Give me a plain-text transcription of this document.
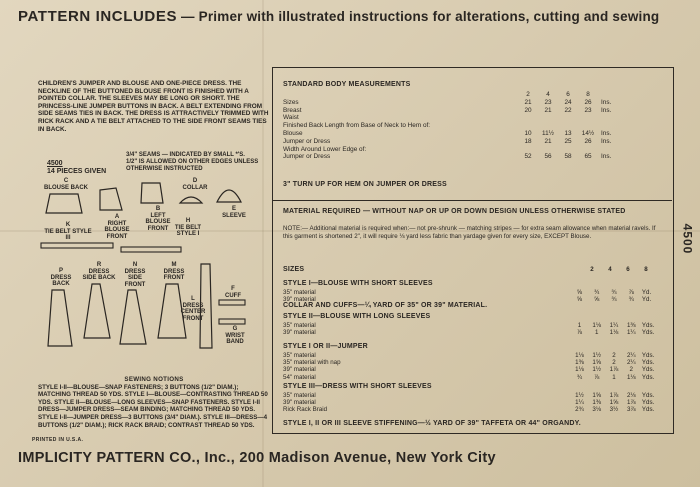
PATTERN INCLUDES — Primer with illustrated instructions for alterations, cutting and sewing
CHILDREN'S JUMPER AND BLOUSE AND ONE-PIECE DRESS. THE NECKLINE OF THE BUTTONED BLOUSE FRONT IS FINISHED WITH A POINTED COLLAR. THE SLEEVES MAY BE LONG OR SHORT. THE PRINCESS-LINE JUMPER BUTTONS IN BACK. A BELT EXTENDING FROM SIDE SEAMS TIES IN BACK. THE DRESS IS ATTRACTIVELY TRIMMED WITH RICK RACK AND A TIE BELT ATTACHED TO THE SIDE FRONT SEAMS TIES IN BACK.
4500
14 PIECES GIVEN
3/4" SEAMS — INDICATED BY SMALL *'S.
1/2" IS ALLOWED ON OTHER EDGES UNLESS OTHERWISE INSTRUCTED
C
BLOUSE BACK
K
TIE BELT STYLE III
A
RIGHT BLOUSE FRONT
B
LEFT BLOUSE FRONT
D
COLLAR
H
TIE BELT STYLE I
E
SLEEVE
P
DRESS BACK
R
DRESS SIDE BACK
N
DRESS SIDE FRONT
M
DRESS FRONT
L
DRESS CENTER FRONT
F
CUFF
G
WRIST BAND
SEWING NOTIONS
STYLE I-II—BLOUSE—SNAP FASTENERS; 3 BUTTONS (1/2" DIAM.); MATCHING THREAD 50 YDS. STYLE I—BLOUSE—CONTRASTING THREAD 50 YDS. STYLE II—BLOUSE—LONG SLEEVES—SNAP FASTENERS. STYLE I-II DRESS—JUMPER DRESS—SEAM BINDING; MATCHING THREAD 50 YDS. STYLE I-II—JUMPER DRESS—3 BUTTONS (3/4" DIAM.). STYLE III—DRESS—4 BUTTONS (1/2" DIAM.); RICK RACK BRAID; CONTRAST THREAD 50 YDS.
PRINTED IN U.S.A.
STANDARD BODY MEASUREMENTS
2	4	6	8
Sizes	21	23	24	26	Ins.
Breast	20	21	22	23	Ins.
Waist
Finished Back Length from Base of Neck to Hem of:
Blouse	10	11½	13	14½	Ins.
Jumper or Dress	18	21	25	26	Ins.
Width Around Lower Edge of:
Jumper or Dress	52	56	58	65	Ins.
3" TURN UP FOR HEM ON JUMPER OR DRESS
MATERIAL REQUIRED — WITHOUT NAP OR UP OR DOWN DESIGN UNLESS OTHERWISE STATED
NOTE:— Additional material is required when:— not pre-shrunk — matching stripes — for extra seam allowance when material ravels. If this garment is shortened 2", it will require ⅛ yard less fabric than yardage given for every size, EXCEPT Blouse.
SIZES	2	4	6	8
STYLE I—BLOUSE WITH SHORT SLEEVES
35" material	⅝	¾	¾	⅞	Yd.
39" material	⅝	⅝	¾	¾	Yd.
COLLAR AND CUFFS—¼ YARD OF 35" OR 39" MATERIAL.
STYLE II—BLOUSE WITH LONG SLEEVES
35" material	1	1⅛	1¼	1⅜	Yds.
39" material	⅞	1	1⅛	1¼	Yds.
STYLE I OR II—JUMPER
35" material	1⅛	1½	2	2¼	Yds.
35" material with nap	1⅜	1⅝	2	2¼	Yds.
39" material	1⅛	1½	1⅞	2	Yds.
54" material	¾	⅞	1	1⅛	Yds.
STYLE III—DRESS WITH SHORT SLEEVES
35" material	1½	1⅝	1⅞	2⅛	Yds.
39" material	1¼	1⅜	1⅝	1⅞	Yds.
Rick Rack Braid	2¾	3⅛	3½	3⅞	Yds.
STYLE I, II OR III SLEEVE STIFFENING—½ YARD OF 39" TAFFETA OR 44" ORGANDY.
4500
IMPLICITY PATTERN CO., Inc., 200 Madison Avenue, New York City
